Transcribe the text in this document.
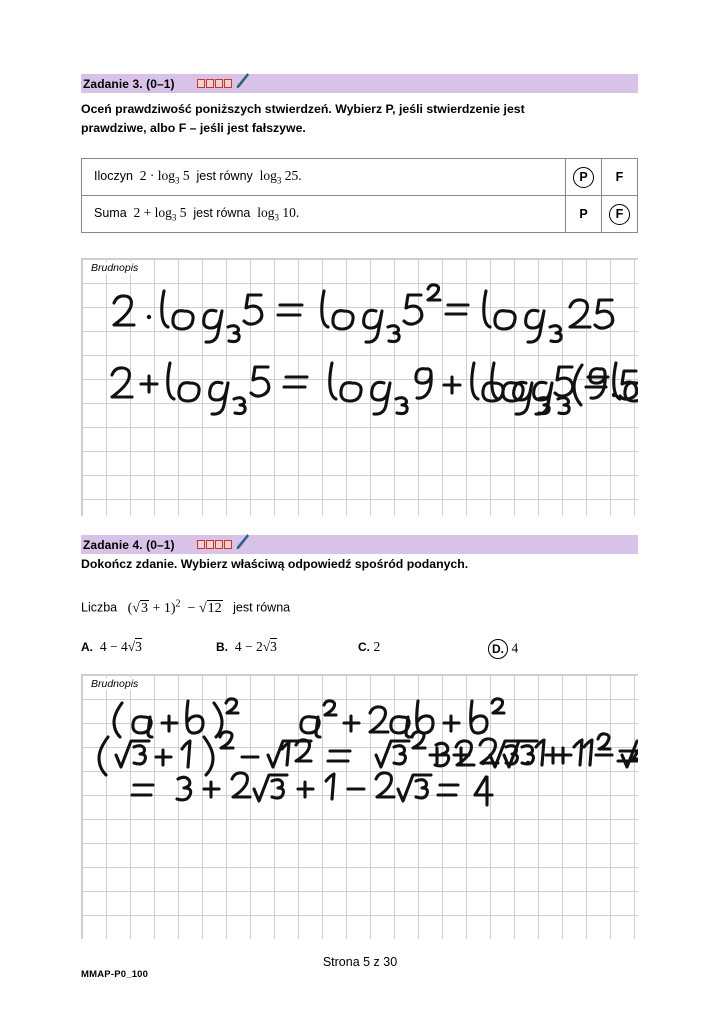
Zadanie 3. (0–1)
Oceń prawdziwość poniższych stwierdzeń. Wybierz P, jeśli stwierdzenie jest
prawdziwe, albo F – jeśli jest fałszywe.
Iloczyn  $2 \cdot \log_3 5$  jest równy  $\log_3 25$.	P	F
Suma  $2 + \log_3 5$  jest równa  $\log_3 10$.	P	F
Brudnopis
Zadanie 4. (0–1)
Dokończ zdanie. Wybierz właściwą odpowiedź spośród podanych.
Liczba   $(√3 + 1)^2 - √12$ jest równa
A.  4 − 4√3	B.  4 − 2√3	C. 2	D. 4
Brudnopis
Strona 5 z 30
MMAP-P0_100
